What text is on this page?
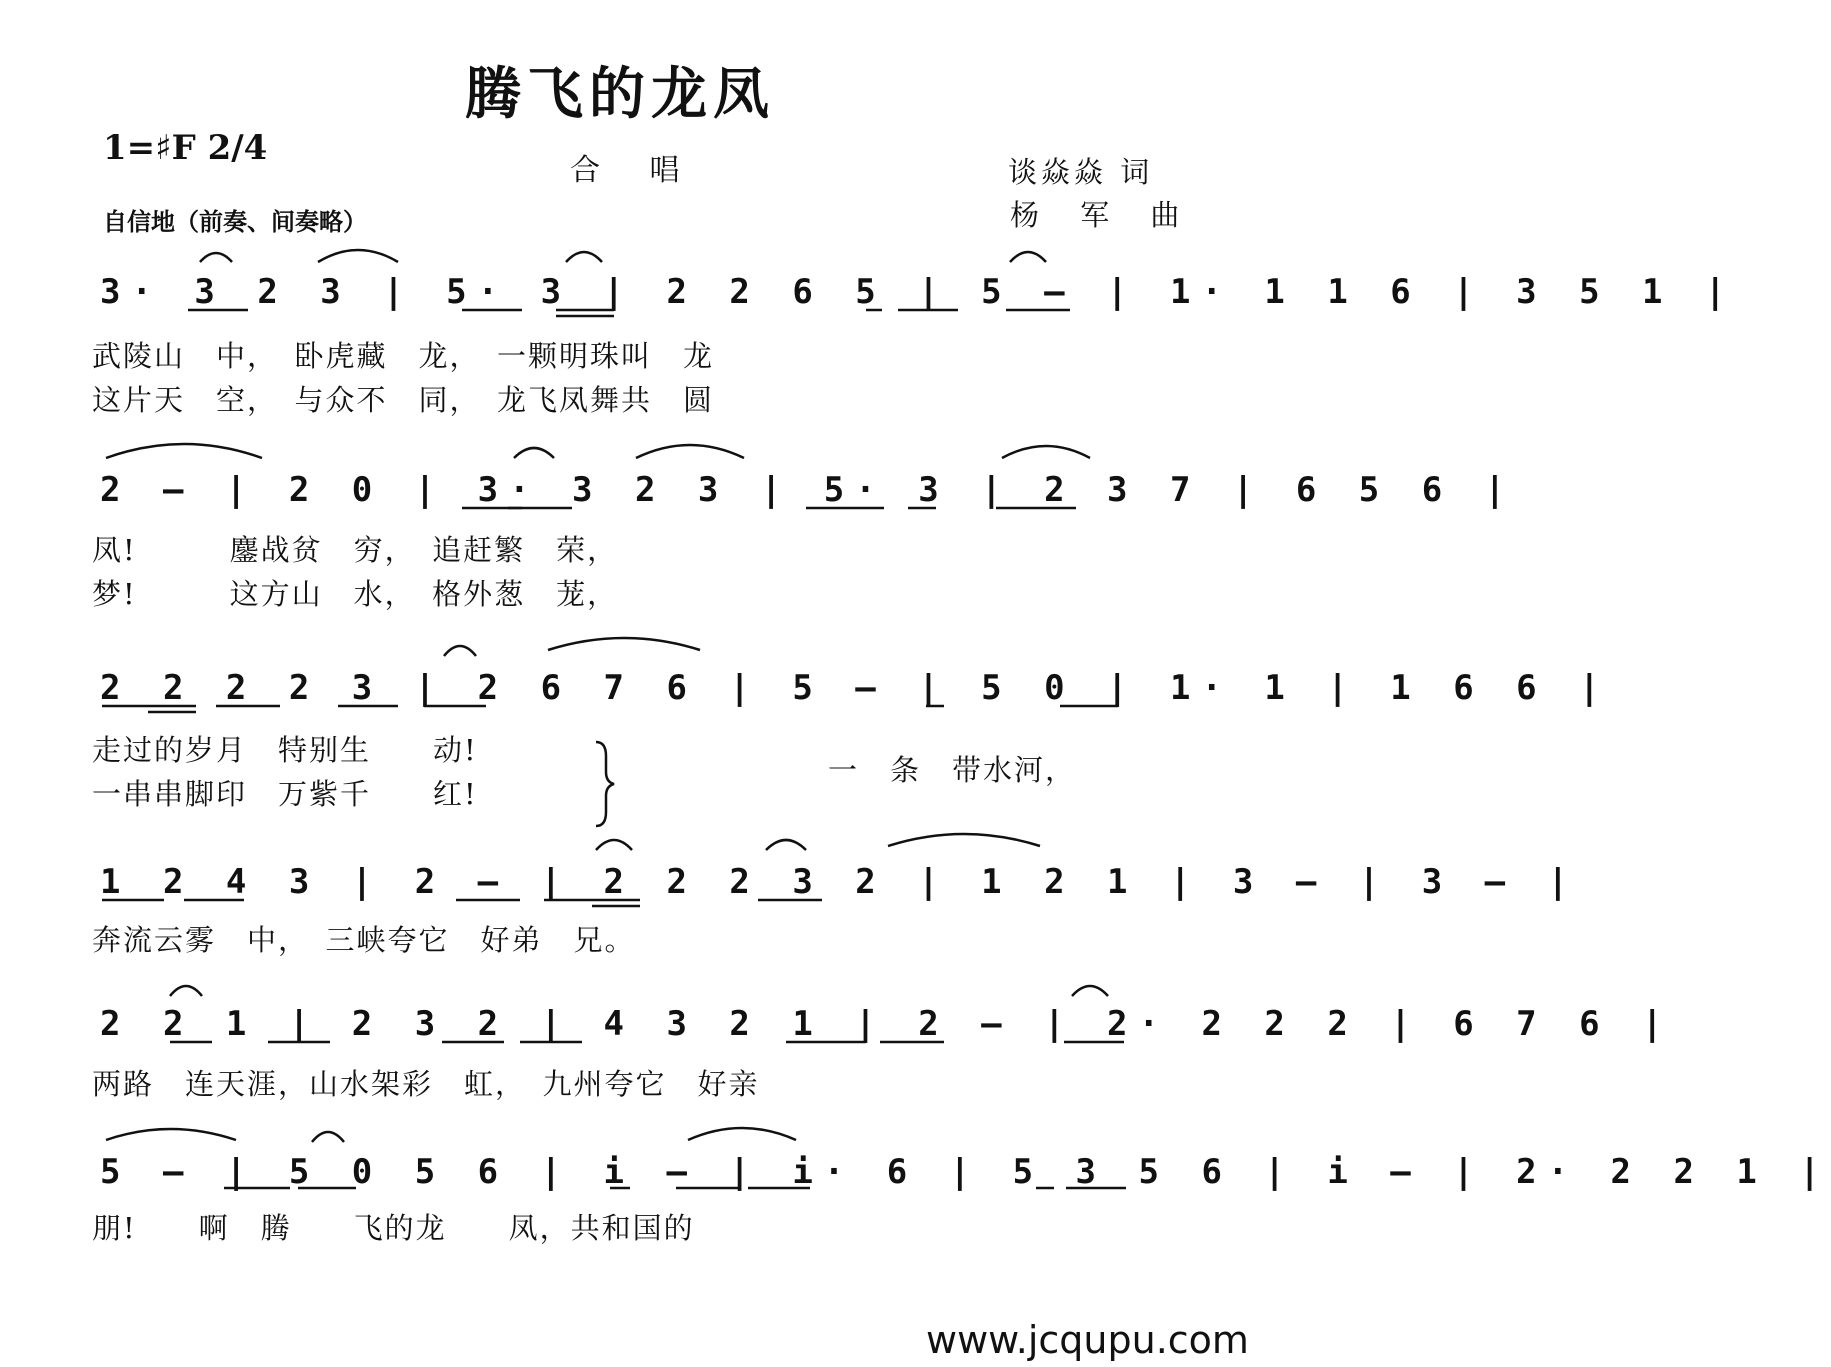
腾飞的龙凤
1=♯F 2/4
合 唱	谈焱焱 词
杨 军 曲
自信地（前奏、间奏略）
3· 3 2 3 | 5· 3 | 2 2 6 5 | 5 – | 1· 1 1 6 | 3 5 1 |
武陵山　中，　卧虎藏　龙，　一颗明珠叫　龙
这片天　空，　与众不　同，　龙飞凤舞共　圆
2 – | 2 0 | 3· 3 2 3 | 5· 3 | 2 3 7 | 6 5 6 |
凤!　　　鏖战贫　穷，　追赶繁　荣，
梦!　　　这方山　水，　格外葱　茏，
2 2 2 2 3 | 2 6 7 6 | 5 – | 5 0 | 1· 1 | 1 6 6 |
走过的岁月　特别生　　动!
一串串脚印　万紫千　　红!
一　条　带水河，
1 2 4 3 | 2 – | 2 2 2 3 2 | 1 2 1 | 3 – | 3 – |
奔流云雾　中，　三峡夸它　好弟　兄。
2 2 1 | 2 3 2 | 4 3 2 1 | 2 – | 2· 2 2 2 | 6 7 6 |
两路　连天涯，山水架彩　虹，　九州夸它　好亲
5 – | 5 0 5 6 | i – | i· 6 | 5 3 5 6 | i – | 2· 2 2 1 |
朋!　　啊　腾　　飞的龙　　凤，共和国的
www.jcqupu.com
